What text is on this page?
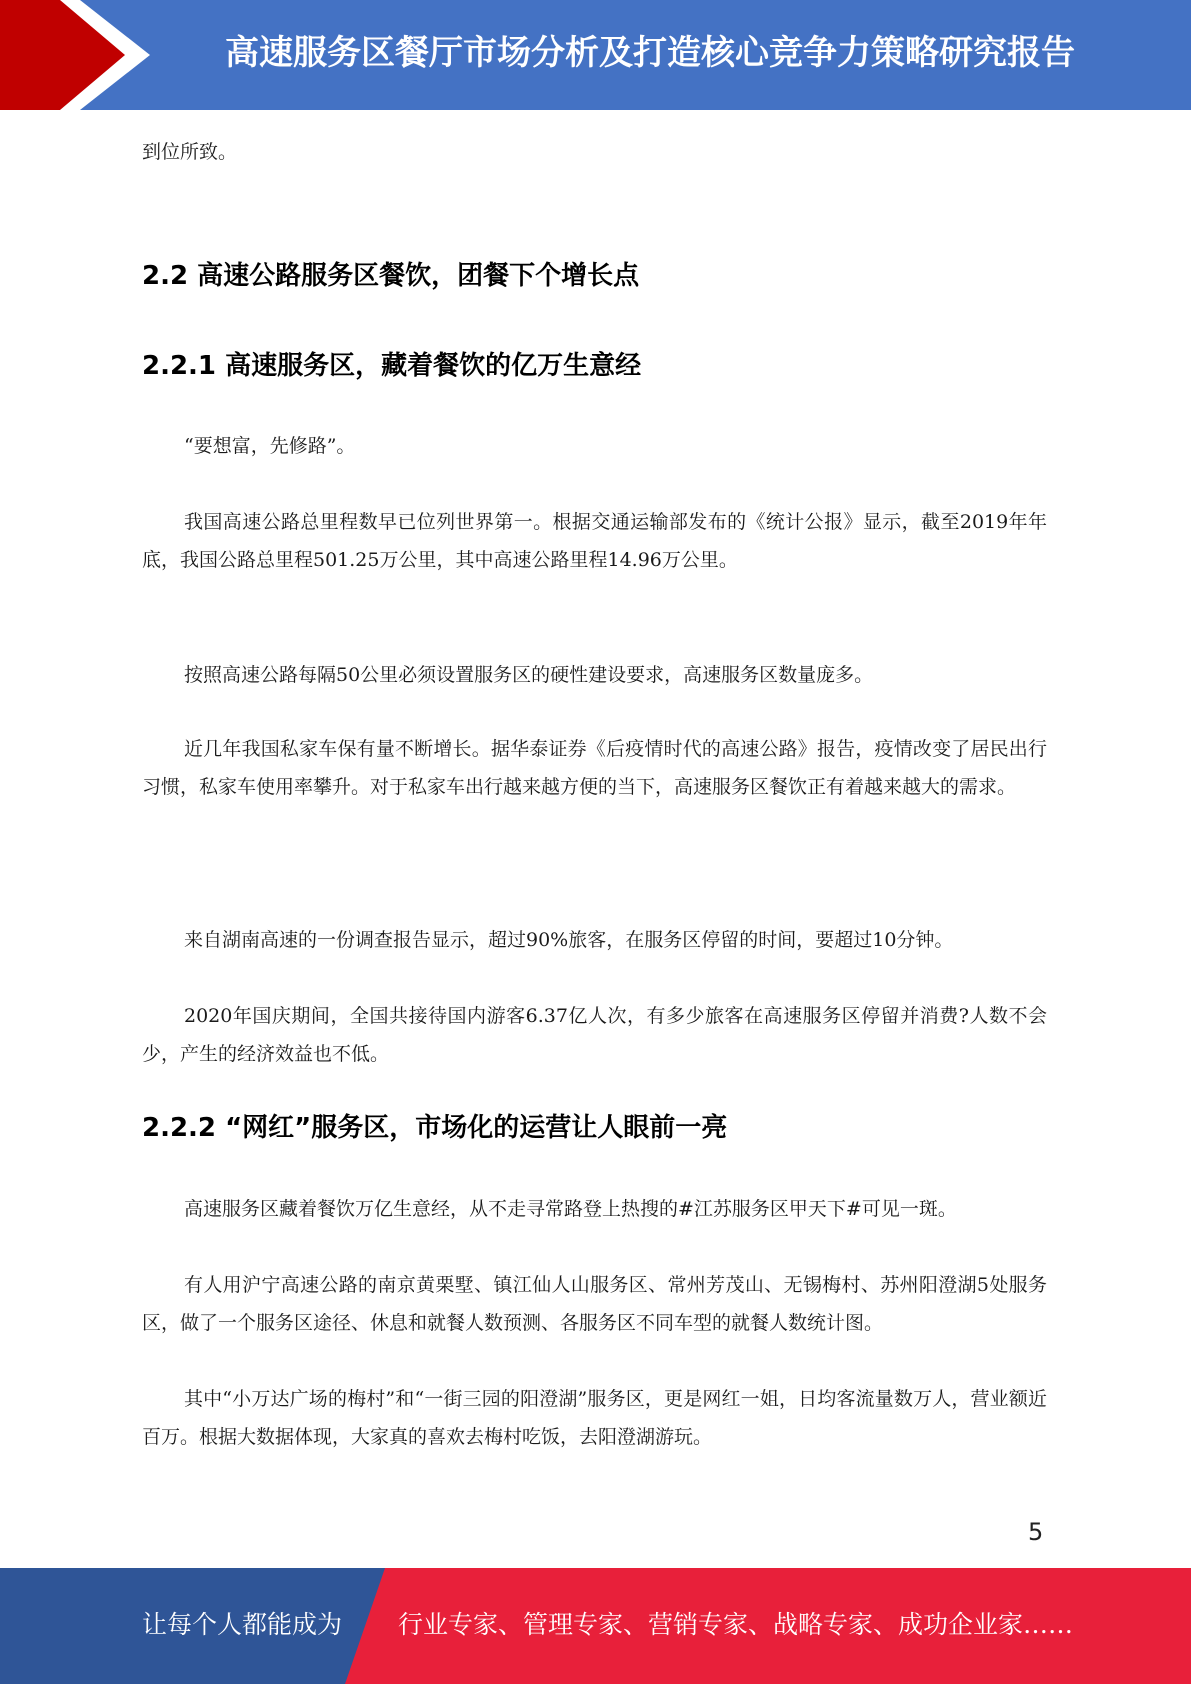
高速服务区餐厅市场分析及打造核心竞争力策略研究报告

到位所致。

2.2 高速公路服务区餐饮，团餐下个增长点
2.2.1 高速服务区，藏着餐饮的亿万生意经

“要想富，先修路”。

我国高速公路总里程数早已位列世界第一。根据交通运输部发布的《统计公报》显示，截至2019年年底，我国公路总里程501.25万公里，其中高速公路里程14.96万公里。

按照高速公路每隔50公里必须设置服务区的硬性建设要求，高速服务区数量庞多。

近几年我国私家车保有量不断增长。据华泰证券《后疫情时代的高速公路》报告，疫情改变了居民出行习惯，私家车使用率攀升。对于私家车出行越来越方便的当下，高速服务区餐饮正有着越来越大的需求。

来自湖南高速的一份调查报告显示，超过90%旅客，在服务区停留的时间，要超过10分钟。

2020年国庆期间，全国共接待国内游客6.37亿人次，有多少旅客在高速服务区停留并消费?人数不会少，产生的经济效益也不低。

2.2.2 “网红”服务区，市场化的运营让人眼前一亮

高速服务区藏着餐饮万亿生意经，从不走寻常路登上热搜的#江苏服务区甲天下#可见一斑。

有人用沪宁高速公路的南京黄栗墅、镇江仙人山服务区、常州芳茂山、无锡梅村、苏州阳澄湖5处服务区，做了一个服务区途径、休息和就餐人数预测、各服务区不同车型的就餐人数统计图。

其中“小万达广场的梅村”和“一街三园的阳澄湖”服务区，更是网红一姐，日均客流量数万人，营业额近百万。根据大数据体现，大家真的喜欢去梅村吃饭，去阳澄湖游玩。

5
让每个人都能成为 行业专家、管理专家、营销专家、战略专家、成功企业家……
